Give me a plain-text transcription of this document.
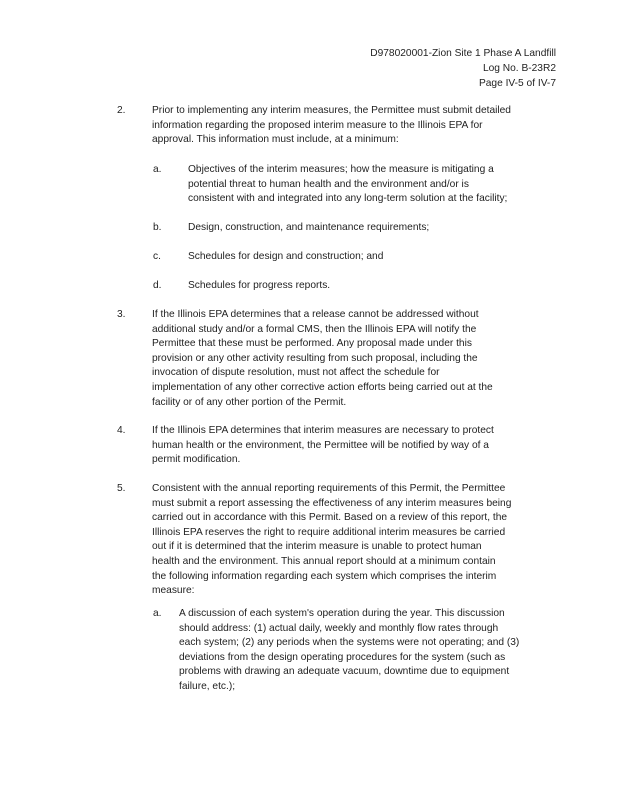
D978020001-Zion Site 1 Phase A Landfill
Log No. B-23R2
Page IV-5 of IV-7
2.	Prior to implementing any interim measures, the Permittee must submit detailed
information regarding the proposed interim measure to the Illinois EPA for
approval. This information must include, at a minimum:
a.	Objectives of the interim measures; how the measure is mitigating a
potential threat to human health and the environment and/or is
consistent with and integrated into any long-term solution at the facility;
b.	Design, construction, and maintenance requirements;
c.	Schedules for design and construction; and
d.	Schedules for progress reports.
3.	If the Illinois EPA determines that a release cannot be addressed without
additional study and/or a formal CMS, then the Illinois EPA will notify the
Permittee that these must be performed. Any proposal made under this
provision or any other activity resulting from such proposal, including the
invocation of dispute resolution, must not affect the schedule for
implementation of any other corrective action efforts being carried out at the
facility or of any other portion of the Permit.
4.	If the Illinois EPA determines that interim measures are necessary to protect
human health or the environment, the Permittee will be notified by way of a
permit modification.
5.	Consistent with the annual reporting requirements of this Permit, the Permittee
must submit a report assessing the effectiveness of any interim measures being
carried out in accordance with this Permit. Based on a review of this report, the
Illinois EPA reserves the right to require additional interim measures be carried
out if it is determined that the interim measure is unable to protect human
health and the environment. This annual report should at a minimum contain
the following information regarding each system which comprises the interim
measure:
a. A discussion of each system's operation during the year. This discussion
should address: (1) actual daily, weekly and monthly flow rates through
each system; (2) any periods when the systems were not operating; and (3)
deviations from the design operating procedures for the system (such as
problems with drawing an adequate vacuum, downtime due to equipment
failure, etc.);
